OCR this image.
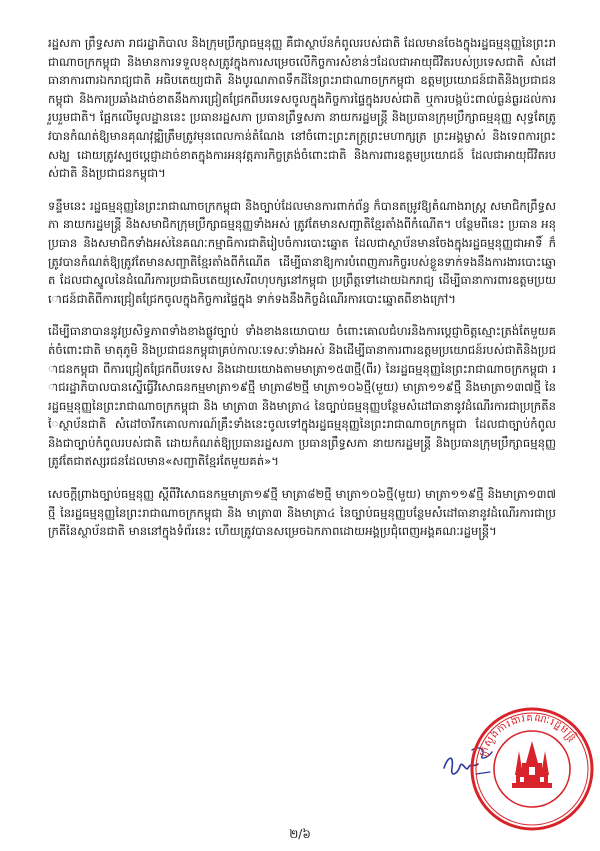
រដ្ឋសភា ព្រឹទ្ធសភា រាជរដ្ឋាភិបាល និងក្រុមប្រឹក្សាធម្មនុញ្ញ គឺជាស្ថាប័នកំពូលរបស់ជាតិ ដែលមានចែងក្នុងរដ្ឋធម្មនុញ្ញនៃព្រះរាជាណាចក្រកម្ពុជា និងមានការទទួលខុសត្រូវក្នុងការសម្រេចលើកិច្ចការសំខាន់ៗដែលជាអាយុជីវិតរបស់ប្រទេសជាតិ សំដៅធានាការពារឯករាជ្យជាតិ អធិបតេយ្យជាតិ និងបូរណភាពទឹកដីនៃព្រះរាជាណាចក្រកម្ពុជា ឧត្តមប្រយោជន៍ជាតិនិងប្រជាជនកម្ពុជា និងការប្រឆាំងដាច់ខាតនឹងការជ្រៀតជ្រែកពីបរទេសចូលក្នុងកិច្ចការផ្ទៃក្នុងរបស់ជាតិ ឬការបង្កប៉ះពាល់ធ្ងន់ធ្ងរដល់ការរួបរួមជាតិ។ ផ្អែកលើមូលដ្ឋាននេះ ប្រធានរដ្ឋសភា ប្រធានព្រឹទ្ធសភា នាយករដ្ឋមន្ត្រី និងប្រធានក្រុមប្រឹក្សាធម្មនុញ្ញ សុទ្ធតែត្រូវបានកំណត់ឱ្យមានគុណវុឌ្ឍិត្រឹមត្រូវមុនពេលកាន់តំណែង នៅចំពោះព្រះភក្ត្រព្រះមហាក្សត្រ ព្រះអង្គម្ចាស់ និងទេពការព្រះសង្ឃ ដោយត្រូវស្បថប្តេជ្ញាដាច់ខាតក្នុងការអនុវត្តភារកិច្ចត្រង់ចំពោះជាតិ និងការពារឧត្តមប្រយោជន៍ ដែលជាអាយុជីវិតរបស់ជាតិ និងប្រជាជនកម្ពុជា។

ទន្ទឹមនេះ រដ្ឋធម្មនុញ្ញនៃព្រះរាជាណាចក្រកម្ពុជា និងច្បាប់ដែលមានការពាក់ព័ន្ធ ក៏បានតម្រូវឱ្យតំណាងរាស្ត្រ សមាជិកព្រឹទ្ធសភា នាយករដ្ឋមន្ត្រី និងសមាជិកក្រុមប្រឹក្សាធម្មនុញ្ញទាំងអស់ ត្រូវតែមានសញ្ជាតិខ្មែរតាំងពីកំណើត។ បន្ថែមពីនេះ ប្រធាន អនុប្រធាន និងសមាជិកទាំងអស់នៃគណៈកម្មាធិការជាតិរៀបចំការបោះឆ្នោត ដែលជាស្ថាប័នមានចែងក្នុងរដ្ឋធម្មនុញ្ញជាអាទិ៍ ក៏ត្រូវបានកំណត់ឱ្យត្រូវតែមានសញ្ជាតិខ្មែរតាំងពីកំណើត ដើម្បីធានាឱ្យការបំពេញភារកិច្ចរបស់ខ្លួនទាក់ទងនឹងការងារបោះឆ្នោត ដែលជាស្នូលនៃដំណើរការប្រជាធិបតេយ្យសេរីពហុបក្សនៅកម្ពុជា ប្រព្រឹត្តទៅដោយឯករាជ្យ ដើម្បីធានាការពារឧត្តមប្រយោជន៍ជាតិពីការជ្រៀតជ្រែកចូលក្នុងកិច្ចការផ្ទៃក្នុង ទាក់ទងនឹងកិច្ចដំណើរការបោះឆ្នោតពីខាងក្រៅ។

ដើម្បីធានាបាននូវប្រសិទ្ធភាពទាំងខាងផ្លូវច្បាប់ ទាំងខាងនយោបាយ ចំពោះគោលជំហរនិងការប្តេជ្ញាចិត្តស្មោះត្រង់តែមួយគត់ចំពោះជាតិ មាតុភូមិ និងប្រជាជនកម្ពុជាគ្រប់កាលៈទេសៈទាំងអស់ និងដើម្បីធានាការពារឧត្តមប្រយោជន៍របស់ជាតិនិងប្រជាជនកម្ពុជា ពីការជ្រៀតជ្រែកពីបរទេស និងដោយយោងតាមមាត្រា១៥៣ថ្មី(ពីរ) នៃរដ្ឋធម្មនុញ្ញនៃព្រះរាជាណាចក្រកម្ពុជា រាជរដ្ឋាភិបាលបានស្នើធ្វើវិសោធនកម្មមាត្រា១៩ថ្មី មាត្រា៨២ថ្មី មាត្រា១០៦ថ្មី(មួយ) មាត្រា១១៩ថ្មី និងមាត្រា១៣៧ថ្មី នៃរដ្ឋធម្មនុញ្ញនៃព្រះរាជាណាចក្រកម្ពុជា និង មាត្រា៣ និងមាត្រា៤ នៃច្បាប់ធម្មនុញ្ញបន្ថែមសំដៅធានានូវដំណើរការជាប្រក្រតីនៃស្ថាប័នជាតិ សំដៅចារឹកគោលការណ៍គ្រឹះទាំងនេះចូលទៅក្នុងរដ្ឋធម្មនុញ្ញនៃព្រះរាជាណាចក្រកម្ពុជា ដែលជាច្បាប់កំពូល និងជាច្បាប់កំពូលរបស់ជាតិ ដោយកំណត់ឱ្យប្រធានរដ្ឋសភា ប្រធានព្រឹទ្ធសភា នាយករដ្ឋមន្ត្រី និងប្រធានក្រុមប្រឹក្សាធម្មនុញ្ញ ត្រូវតែជាឥស្សរជនដែលមាន«សញ្ជាតិខ្មែរតែមួយគត់»។

សេចក្តីព្រាងច្បាប់ធម្មនុញ្ញ ស្តីពីវិសោធនកម្មមាត្រា១៩ថ្មី មាត្រា៨២ថ្មី មាត្រា១០៦ថ្មី(មួយ) មាត្រា១១៩ថ្មី និងមាត្រា១៣៧ថ្មី នៃរដ្ឋធម្មនុញ្ញនៃព្រះរាជាណាចក្រកម្ពុជា និង មាត្រា៣ និងមាត្រា៤ នៃច្បាប់ធម្មនុញ្ញបន្ថែមសំដៅធានានូវដំណើរការជាប្រក្រតីនៃស្ថាប័នជាតិ មាននៅក្នុងទំព័រនេះ ហើយត្រូវបានសម្រេចឯកភាពដោយអង្គប្រជុំពេញអង្គគណៈរដ្ឋមន្ត្រី។

ក្រសួងការងារគណៈរដ្ឋមន្ត្រី
២/៦
